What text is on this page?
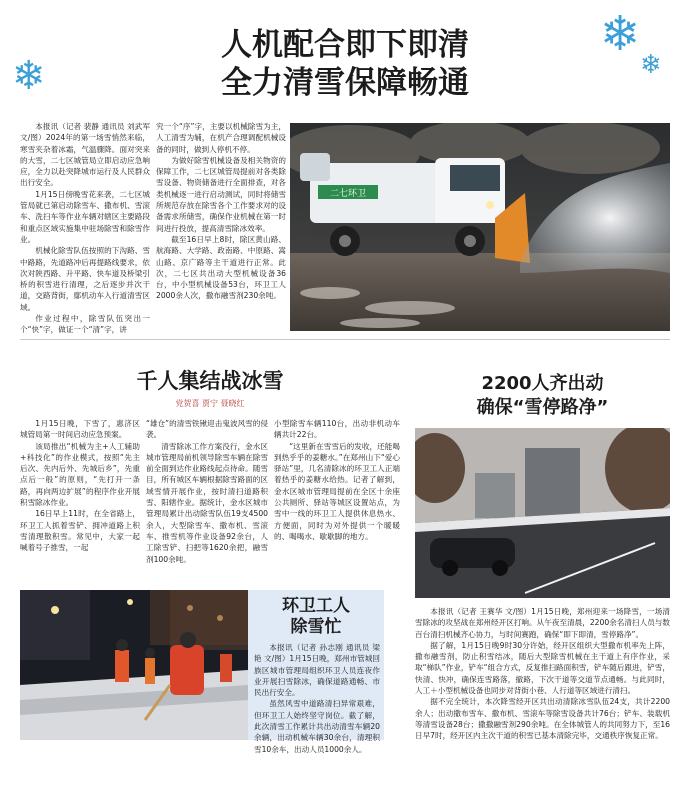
❄
❄
❄
人机配合即下即清
全力清雪保障畅通

本报讯（记者 裴静 通讯员 刘武军 文/图）2024年的第一场雪悄然来临，寒雪夹杂着冰霜，气温骤降。面对突来的大雪，二七区城管局立即启动应急响应，全力以赴突降城市运行及人民群众出行安全。

1月15日傍晚雪花来袭，二七区城管局就已第启动除雪车、撒布机、雪滚车、洗扫车等作业车辆对辖区主要路段和重点区域实施集中驻场除雪和除雪作业。

机械化除雪队伍按照的下沟路、雪中路路，先道路冲后再提路线要求，依次对陕西路、升平路、快车道及桥梁引桥的积雪进行清理，之后逐步并次干道，交路背街，鄢机动车入行道清雪区域。

作业过程中，除雪队伍突出一个“快”字，做证一个“清”字，讲

究一个“序”字，主要以机械除雪为主，人工清雪为辅，在机产合理调配机械设备的同时，做到人停机不停。

为做好除雪机械设备及相关物资的保障工作，二七区城管局提前对各类除雪设备、物资储备进行全面排查，对各类机械逐一进行启动测试，同时将储雪所规范存放在除雪各个工作要求对的设备需求所储雪，确保作业机械在第一时间进行投放，提高清雪除冰效率。

截至16日早上8时，除区黄山路、航海路、大学路、政南路、中原路、嵩山路、京广路等主干道进行正常。此次，二七区共出动大型机械设备36台，中小型机械设备53台，环卫工人2000余人次，撒布融雪剂230余吨。

二七环卫
千人集结战冰雪
党贺喜 贾宁 聂晓红

1月15日晚，下雪了，惠济区城管局第一时间启动应急预案。

该局推出“机械为主+人工辅助+科技化”的作业模式，按照“先主后次、先内后外、先城后乡”，先重点后一般”的原则，“先打开一条路，再向两边扩展”的程序作业开展积雪除冰作业。

16日早上11时，在全省路上，环卫工人抓着雪铲、拥冲道路上积雪清理散积雪。常见中，大家一起喊着号子推雪，一起

“雄仓”的清雪铁锹迎击鬼波风雪的侵袭。

清雪除冰工作方案没行，金水区城市管理局前机领导除雪车辆在除雪前全面到达作业路线起点待命。随雪目，所有城区车辆根据除雪路面的区域雪情开展作业，按时清扫道路积雪、阳辖作业。据统计，金水区城市管理局累计出动除雪队伍19支4500余人，大型除雪车、撒布机、雪滚车、推雪机等作业设备92余台，人工除雪铲、扫把等1620余把，融雪剂100余吨。

小型除雪车辆110台，出动非机动车辆共计22台。

“这里新在雪雪后的发收，还能喝到热乎乎的姜糖水。”在郑州山下“爱心驿站”里，几名清除冰的环卫工人正端着热乎的姜糖水给热。记者了解到，金水区城市管理局提前在全区十余座公共厕所、驿站等城区设置站点，为雪中一线的环卫工人提供休息热水、方便面，同时为对外提供一个暖暖的、喝喝水、歇歇脚的地方。

环卫工人
除雪忙

本报讯（记者 孙志刚 通讯员 梁艳 文/图）1月15日晚，郑州市管城回族区城市管理局组织环卫人员连夜作业开展扫雪除冰，确保道路通畅、市民出行安全。

虽然风雪中道路清扫异常艰难，但环卫工人始终坚守岗位。截了解，此次清雪工作累计共出动清雪车辆20余辆，出动机械车辆30余台，清理积雪10余车，出动人员1000余人。

2200人齐出动
确保“雪停路净”

本报讯（记者 王赛华 文/图）1月15日晚，郑州迎来一场降雪，一场清雪除冰的攻坚战在郑州经开区打响。从午夜至清晨，2200余名清扫人员与数百台清扫机械齐心协力，与时间赛跑，确保“即下即清，雪停路净”。

据了解，1月15日晚9时30分许始，经开区组织大型撒布机率先上阵，撒布融雪剂，防止积雪结冰，随后大型除雪机械在主干道上有序作业，采取“梯队”作业，铲车“组合方式，反复推扫路面积雪，铲车随后跟进，铲雪，快清、快冲，确保连雪路落，撤路，下次干道等交道节点通畅。与此同时，人工＋小型机械设备也同步对背街小巷、人行道等区域进行清扫。

据不完全统计，本次降雪经开区共出动清除冰雪队伍24支，共计2200余人；出动撒布雪车、撒布机、雪滚车等除雪设备共计76台；铲车、装载机等清雪设备28台；撒撒融雪剂290余吨。在全体城管人的共同努力下，至16日早7时，经开区内主次干道的积雪已基本清除完毕，交通秩序恢复正常。
